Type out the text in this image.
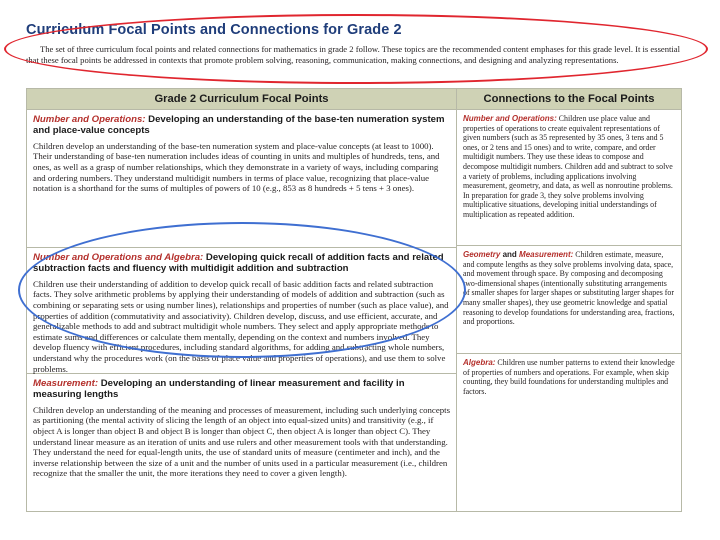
Curriculum Focal Points and Connections for Grade 2

The set of three curriculum focal points and related connections for mathematics in grade 2 follow. These topics are the recommended content emphases for this grade level. It is essential that these focal points be addressed in contexts that promote problem solving, reasoning, communication, making connections, and designing and analyzing representations.

Grade 2 Curriculum Focal Points
Number and Operations: Developing an understanding of the base-ten numeration system and place-value concepts
Children develop an understanding of the base-ten numeration system and place-value concepts (at least to 1000). Their understanding of base-ten numeration includes ideas of counting in units and multiples of hundreds, tens, and ones, as well as a grasp of number relationships, which they demonstrate in a variety of ways, including comparing and ordering numbers. They understand multidigit numbers in terms of place value, recognizing that place-value notation is a shorthand for the sums of multiples of powers of 10 (e.g., 853 as 8 hundreds + 5 tens + 3 ones).
Number and Operations and Algebra: Developing quick recall of addition facts and related subtraction facts and fluency with multidigit addition and subtraction
Children use their understanding of addition to develop quick recall of basic addition facts and related subtraction facts. They solve arithmetic problems by applying their understanding of models of addition and subtraction (such as combining or separating sets or using number lines), relationships and properties of number (such as place value), and properties of addition (commutativity and associativity). Children develop, discuss, and use efficient, accurate, and generalizable methods to add and subtract multidigit whole numbers. They select and apply appropriate methods to estimate sums and differences or calculate them mentally, depending on the context and numbers involved. They develop fluency with efficient procedures, including standard algorithms, for adding and subtracting whole numbers, understand why the procedures work (on the basis of place value and properties of operations), and use them to solve problems.
Measurement: Developing an understanding of linear measurement and facility in measuring lengths
Children develop an understanding of the meaning and processes of measurement, including such underlying concepts as partitioning (the mental activity of slicing the length of an object into equal-sized units) and transitivity (e.g., if object A is longer than object B and object B is longer than object C, then object A is longer than object C). They understand linear measure as an iteration of units and use rulers and other measurement tools with that understanding. They understand the need for equal-length units, the use of standard units of measure (centimeter and inch), and the inverse relationship between the size of a unit and the number of units used in a particular measurement (i.e., children recognize that the smaller the unit, the more iterations they need to cover a given length).
Connections to the Focal Points

Number and Operations: Children use place value and properties of operations to create equivalent representations of given numbers (such as 35 represented by 35 ones, 3 tens and 5 ones, or 2 tens and 15 ones) and to write, compare, and order multidigit numbers. They use these ideas to compose and decompose multidigit numbers. Children add and subtract to solve a variety of problems, including applications involving measurement, geometry, and data, as well as nonroutine problems. In preparation for grade 3, they solve problems involving multiplicative situations, developing initial understandings of multiplication as repeated addition.

Geometry and Measurement: Children estimate, measure, and compute lengths as they solve problems involving data, space, and movement through space. By composing and decomposing two-dimensional shapes (intentionally substituting arrangements of smaller shapes for larger shapes or substituting larger shapes for many smaller shapes), they use geometric knowledge and spatial reasoning to develop foundations for understanding area, fractions, and proportions.

Algebra: Children use number patterns to extend their knowledge of properties of numbers and operations. For example, when skip counting, they build foundations for understanding multiples and factors.
